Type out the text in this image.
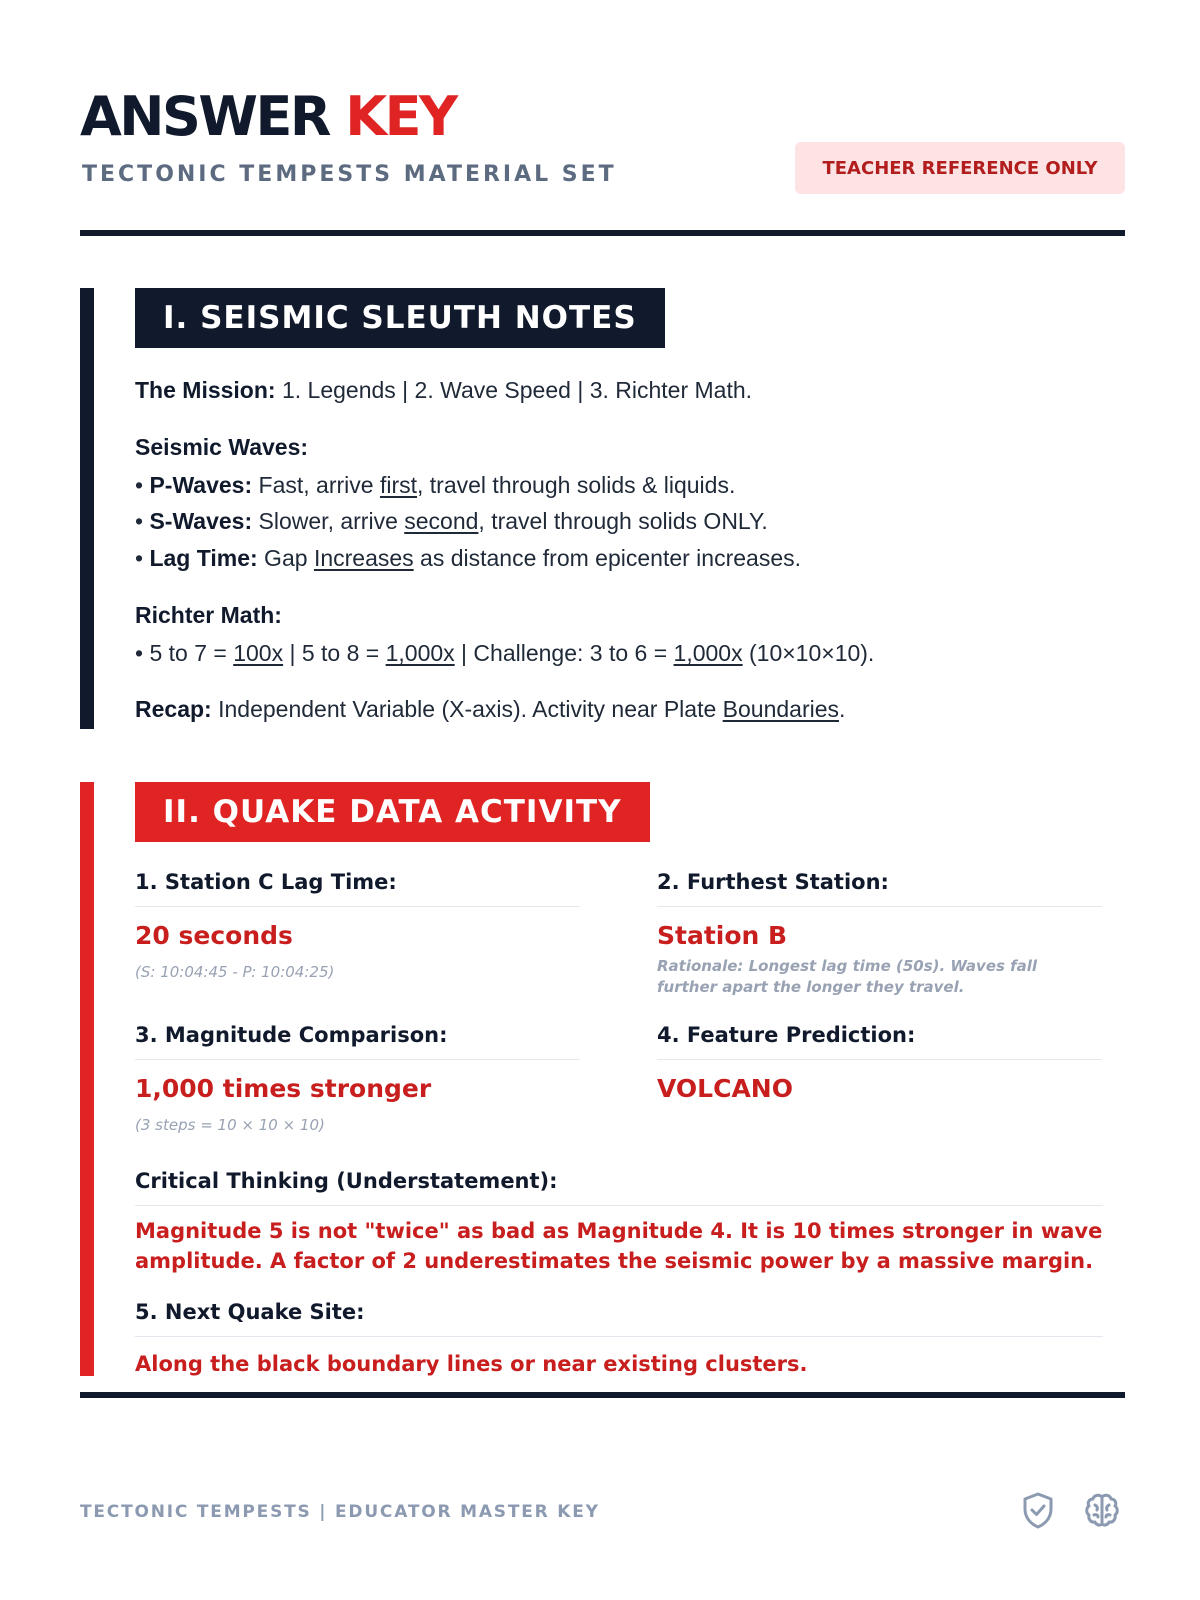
ANSWER KEY
TECTONIC TEMPESTS MATERIAL SET	TEACHER REFERENCE ONLY
I. SEISMIC SLEUTH NOTES
The Mission: 1. Legends | 2. Wave Speed | 3. Richter Math.
Seismic Waves:
• P-Waves: Fast, arrive first, travel through solids & liquids.
• S-Waves: Slower, arrive second, travel through solids ONLY.
• Lag Time: Gap Increases as distance from epicenter increases.
Richter Math:
• 5 to 7 = 100x | 5 to 8 = 1,000x | Challenge: 3 to 6 = 1,000x (10×10×10).
Recap: Independent Variable (X-axis). Activity near Plate Boundaries.
II. QUAKE DATA ACTIVITY
1. Station C Lag Time:
20 seconds
(S: 10:04:45 - P: 10:04:25)
2. Furthest Station:
Station B
Rationale: Longest lag time (50s). Waves fall further apart the longer they travel.
3. Magnitude Comparison:
1,000 times stronger
(3 steps = 10 × 10 × 10)
4. Feature Prediction:
VOLCANO
Critical Thinking (Understatement):
Magnitude 5 is not "twice" as bad as Magnitude 4. It is 10 times stronger in wave amplitude. A factor of 2 underestimates the seismic power by a massive margin.
5. Next Quake Site:
Along the black boundary lines or near existing clusters.
TECTONIC TEMPESTS | EDUCATOR MASTER KEY
